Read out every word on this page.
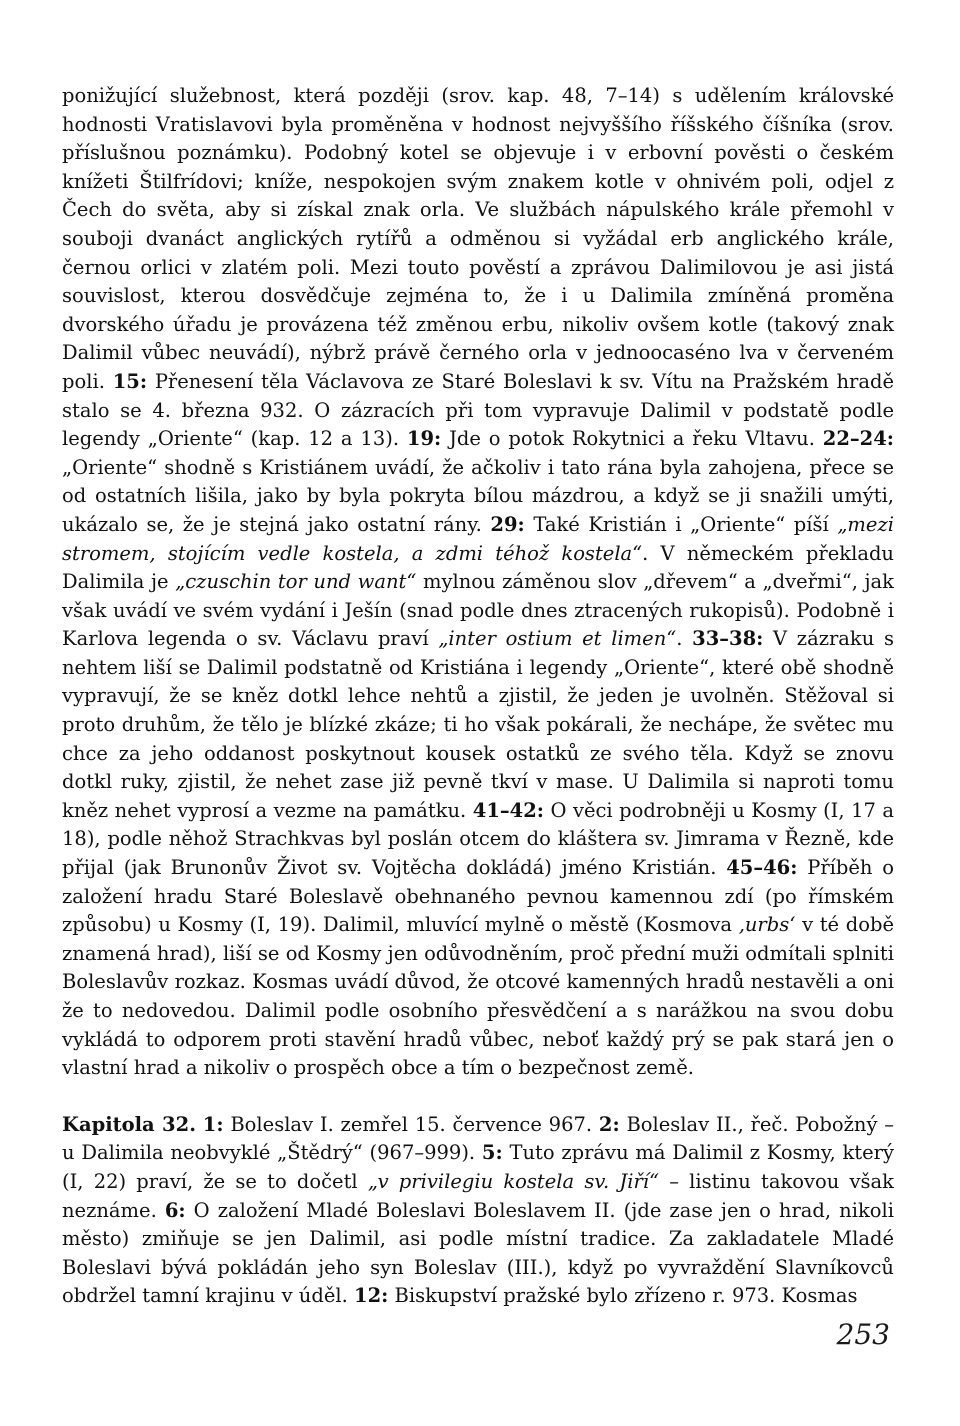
ponižující služebnost, která později (srov. kap. 48, 7–14) s udělením královské hodnosti Vratislavovi byla proměněna v hodnost nejvyššího říšského číšníka (srov. příslušnou poznámku). Podobný kotel se objevuje i v erbovní pověsti o českém knížeti Štilfrídovi; kníže, nespokojen svým znakem kotle v ohnivém poli, odjel z Čech do světa, aby si získal znak orla. Ve službách nápulského krále přemohl v souboji dvanáct anglických rytířů a odměnou si vyžádal erb anglického krále, černou orlici v zlatém poli. Mezi touto pověstí a zprávou Dalimilovou je asi jistá souvislost, kterou dosvědčuje zejména to, že i u Dalimila zmíněná proměna dvorského úřadu je provázena též změnou erbu, nikoliv ovšem kotle (takový znak Dalimil vůbec neuvádí), nýbrž právě černého orla v jednoocaséno lva v červeném poli. 15: Přenesení těla Václavova ze Staré Boleslavi k sv. Vítu na Pražském hradě stalo se 4. března 932. O zázracích při tom vypravuje Dalimil v podstatě podle legendy „Oriente“ (kap. 12 a 13). 19: Jde o potok Rokytnici a řeku Vltavu. 22–24: „Oriente“ shodně s Kristiánem uvádí, že ačkoliv i tato rána byla zahojena, přece se od ostatních lišila, jako by byla pokryta bílou mázdrou, a když se ji snažili umýti, ukázalo se, že je stejná jako ostatní rány. 29: Také Kristián i „Oriente“ píší „mezi stromem, stojícím vedle kostela, a zdmi téhož kostela“. V německém překladu Dalimila je „czuschin tor und want“ mylnou záměnou slov „dřevem“ a „dveřmi“, jak však uvádí ve svém vydání i Ješín (snad podle dnes ztracených rukopisů). Podobně i Karlova legenda o sv. Václavu praví „inter ostium et limen“. 33–38: V zázraku s nehtem liší se Dalimil podstatně od Kristiána i legendy „Oriente“, které obě shodně vypravují, že se kněz dotkl lehce nehtů a zjistil, že jeden je uvolněn. Stěžoval si proto druhům, že tělo je blízké zkáze; ti ho však pokárali, že nechápe, že světec mu chce za jeho oddanost poskytnout kousek ostatků ze svého těla. Když se znovu dotkl ruky, zjistil, že nehet zase již pevně tkví v mase. U Dalimila si naproti tomu kněz nehet vyprosí a vezme na památku. 41–42: O věci podrobněji u Kosmy (I, 17 a 18), podle něhož Strachkvas byl poslán otcem do kláštera sv. Jimrama v Řezně, kde přijal (jak Brunonův Život sv. Vojtěcha dokládá) jméno Kristián. 45–46: Příběh o založení hradu Staré Boleslavě obehnaného pevnou kamennou zdí (po římském způsobu) u Kosmy (I, 19). Dalimil, mluvící mylně o městě (Kosmova ‚urbs‘ v té době znamená hrad), liší se od Kosmy jen odůvodněním, proč přední muži odmítali splniti Boleslavův rozkaz. Kosmas uvádí důvod, že otcové kamenných hradů nestavěli a oni že to nedovedou. Dalimil podle osobního přesvědčení a s narážkou na svou dobu vykládá to odporem proti stavění hradů vůbec, neboť každý prý se pak stará jen o vlastní hrad a nikoliv o prospěch obce a tím o bezpečnost země.

Kapitola 32. 1: Boleslav I. zemřel 15. července 967. 2: Boleslav II., řeč. Pobožný – u Dalimila neobvyklé „Štědrý“ (967–999). 5: Tuto zprávu má Dalimil z Kosmy, který (I, 22) praví, že se to dočetl „v privilegiu kostela sv. Jiří“ – listinu takovou však neznáme. 6: O založení Mladé Boleslavi Boleslavem II. (jde zase jen o hrad, nikoli město) zmiňuje se jen Dalimil, asi podle místní tradice. Za zakladatele Mladé Boleslavi bývá pokládán jeho syn Boleslav (III.), když po vyvraždění Slavníkovců obdržel tamní krajinu v úděl. 12: Biskupství pražské bylo zřízeno r. 973. Kosmas

253
